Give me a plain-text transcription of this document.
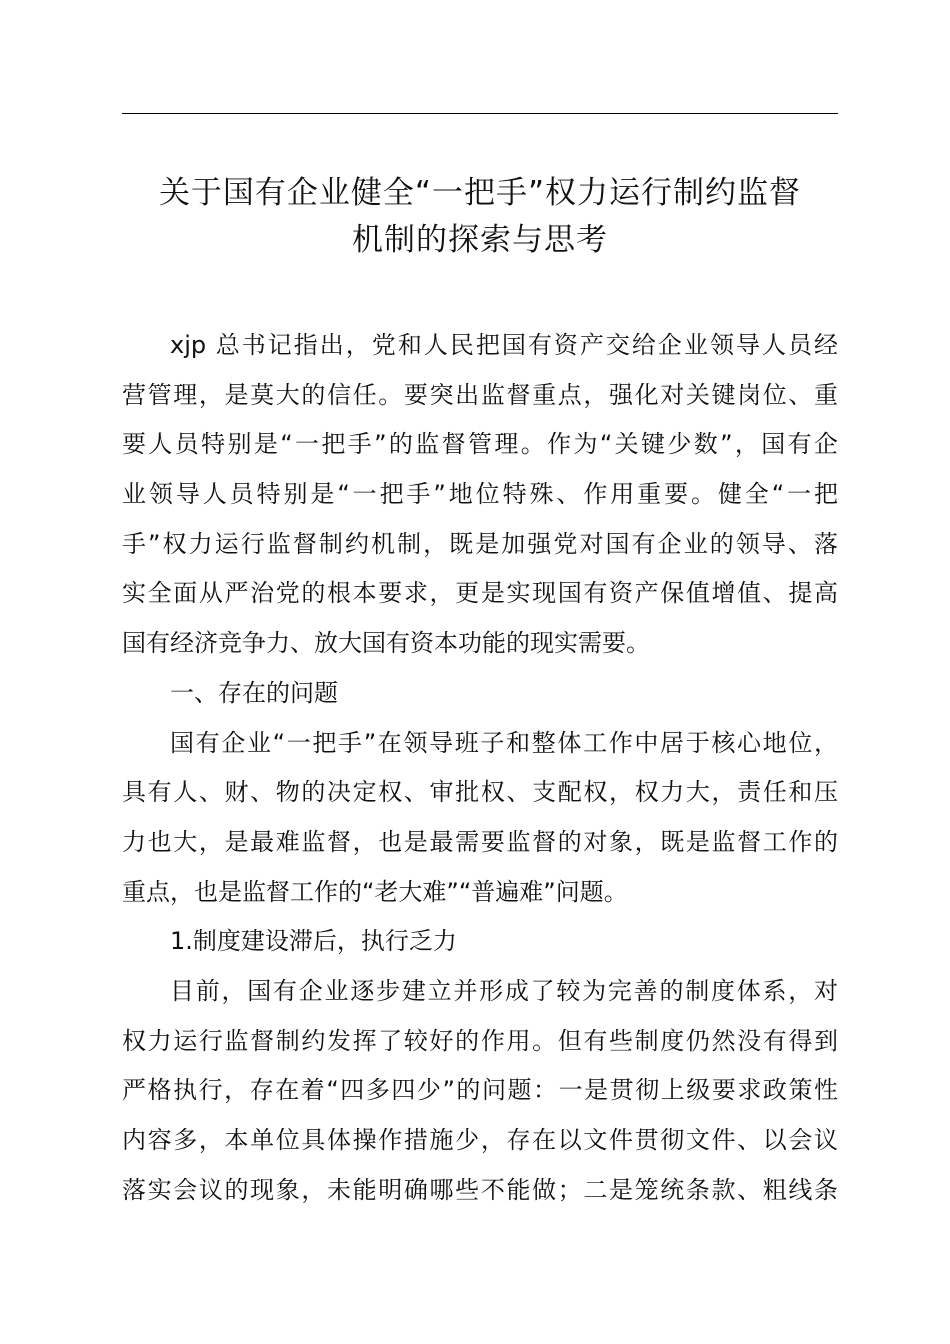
关于国有企业健全“一把手”权力运行制约监督
机制的探索与思考
xjp 总书记指出，党和人民把国有资产交给企业领导人员经
营管理，是莫大的信任。要突出监督重点，强化对关键岗位、重
要人员特别是“一把手”的监督管理。作为“关键少数”，国有企
业领导人员特别是“一把手”地位特殊、作用重要。健全“一把
手”权力运行监督制约机制，既是加强党对国有企业的领导、落
实全面从严治党的根本要求，更是实现国有资产保值增值、提高
国有经济竞争力、放大国有资本功能的现实需要。
一、存在的问题
国有企业“一把手”在领导班子和整体工作中居于核心地位，
具有人、财、物的决定权、审批权、支配权，权力大，责任和压
力也大，是最难监督，也是最需要监督的对象，既是监督工作的
重点，也是监督工作的“老大难”“普遍难”问题。
1.制度建设滞后，执行乏力
目前，国有企业逐步建立并形成了较为完善的制度体系，对
权力运行监督制约发挥了较好的作用。但有些制度仍然没有得到
严格执行，存在着“四多四少”的问题：一是贯彻上级要求政策性
内容多，本单位具体操作措施少，存在以文件贯彻文件、以会议
落实会议的现象，未能明确哪些不能做；二是笼统条款、粗线条
